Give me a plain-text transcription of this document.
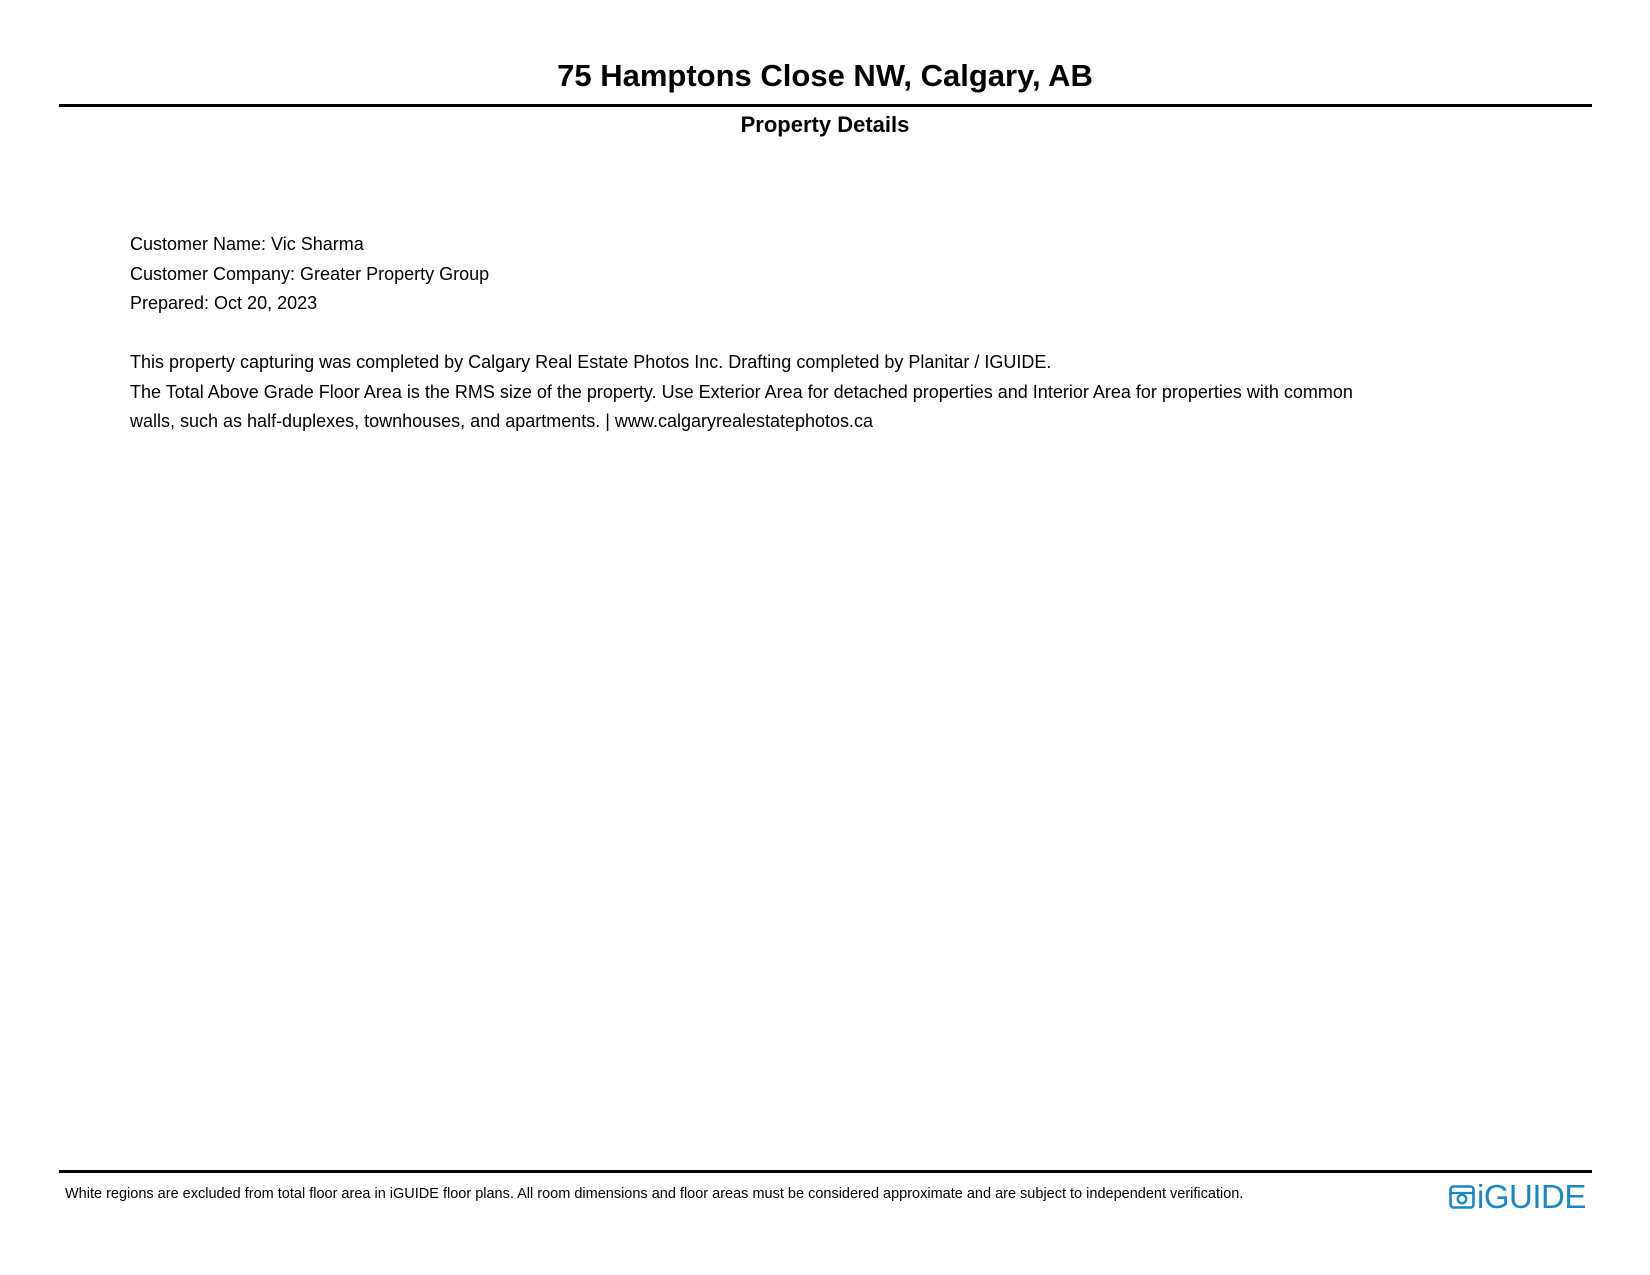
75 Hamptons Close NW, Calgary, AB
Property Details
Customer Name: Vic Sharma
Customer Company: Greater Property Group
Prepared: Oct 20, 2023
This property capturing was completed by Calgary Real Estate Photos Inc. Drafting completed by Planitar / IGUIDE.
The Total Above Grade Floor Area is the RMS size of the property. Use Exterior Area for detached properties and Interior Area for properties with common
walls, such as half-duplexes, townhouses, and apartments. | www.calgaryrealestatephotos.ca
White regions are excluded from total floor area in iGUIDE floor plans. All room dimensions and floor areas must be considered approximate and are subject to independent verification.	iGUIDE
